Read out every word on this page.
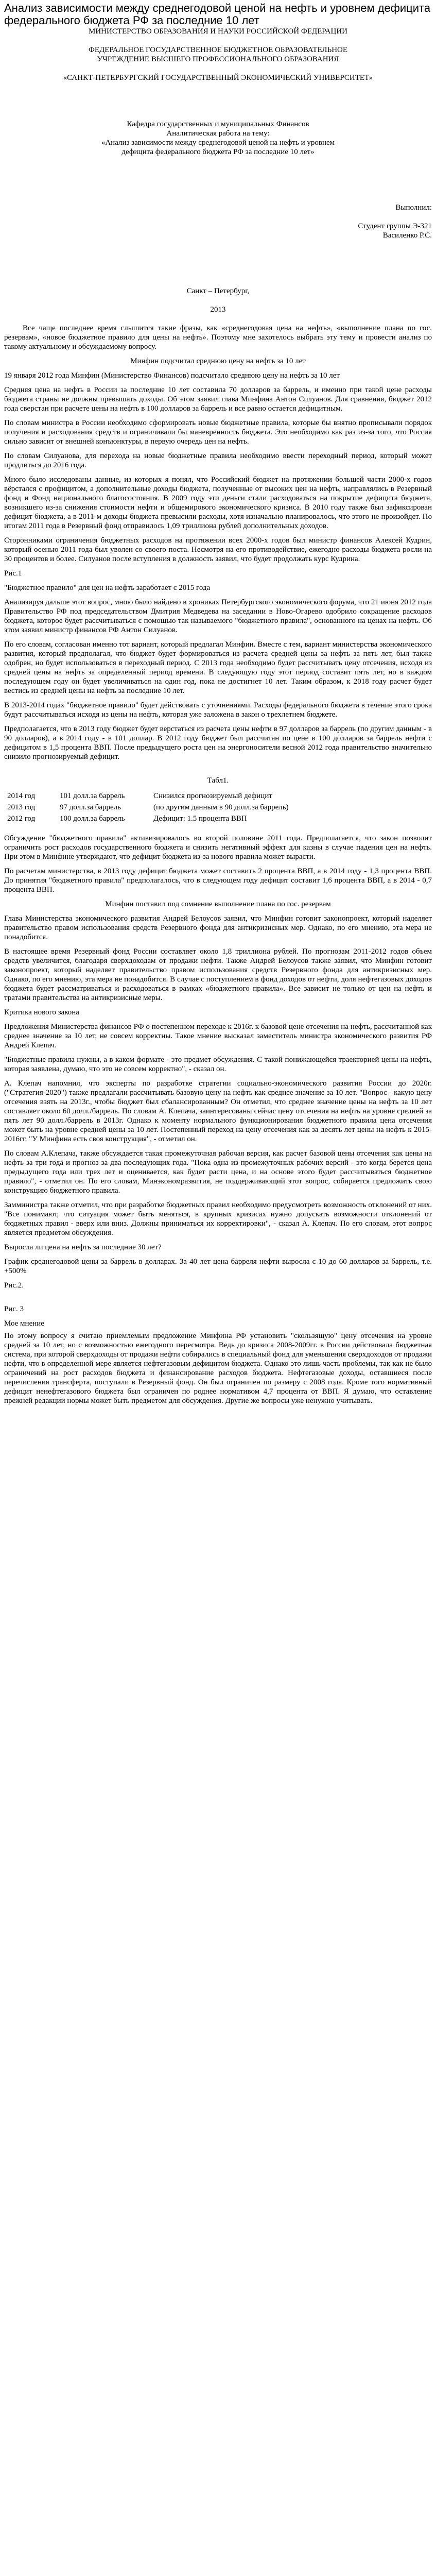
Анализ зависимости между среднегодовой ценой на нефть и уровнем дефицита федерального бюджета РФ за последние 10 лет

МИНИСТЕРСТВО ОБРАЗОВАНИЯ И НАУКИ РОССИЙСКОЙ ФЕДЕРАЦИИ

ФЕДЕРАЛЬНОЕ ГОСУДАРСТВЕННОЕ БЮДЖЕТНОЕ ОБРАЗОВАТЕЛЬНОЕ

УЧРЕЖДЕНИЕ ВЫСШЕГО ПРОФЕССИОНАЛЬНОГО ОБРАЗОВАНИЯ

«САНКТ-ПЕТЕРБУРГСКИЙ ГОСУДАРСТВЕННЫЙ ЭКОНОМИЧЕСКИЙ УНИВЕРСИТЕТ»

Кафедра государственных и муниципальных Финансов

Аналитическая работа на тему:

«Анализ зависимости между среднегодовой ценой на нефть и уровнем

дефицита федерального бюджета РФ за последние 10 лет»

Выполнил:

Студент группы Э-321

Василенко Р.С.

Санкт – Петербург,

2013

Все чаще последнее время слышится такие фразы, как «среднегодовая цена на нефть», «выполнение плана по гос. резервам», «новое бюджетное правило для цены на нефть». Поэтому мне захотелось выбрать эту тему и провести анализ по такому актуальному и обсуждаемому вопросу.

Минфин подсчитал среднюю цену на нефть за 10 лет

19 января 2012 года Минфин (Министерство Финансов) подсчитало среднюю цену на нефть за 10 лет

Средняя цена на нефть в России за последние 10 лет составила 70 долларов за баррель, и именно при такой цене расходы бюджета страны не должны превышать доходы. Об этом заявил глава Минфина Антон Силуанов. Для сравнения, бюджет 2012 года сверстан при расчете цены на нефть в 100 долларов за баррель и все равно остается дефицитным.

По словам министра в России необходимо сформировать новые бюджетные правила, которые бы внятно прописывали порядок получения и расходования средств и ограничивали бы маневренность бюджета. Это необходимо как раз из-за того, что Россия сильно зависит от внешней конъюнктуры, в первую очередь цен на нефть.

По словам Силуанова, для перехода на новые бюджетные правила необходимо ввести переходный период, который может продлиться до 2016 года.

Много было исследованы данные, из которых я понял, что Российский бюджет на протяжении большей части 2000-х годов вёрстался с профицитом, а дополнительные доходы бюджета, полученные от высоких цен на нефть, направлялись в Резервный фонд и Фонд национального благосостояния. В 2009 году эти деньги стали расходоваться на покрытие дефицита бюджета, возникшего из-за снижения стоимости нефти и общемирового экономического кризиса. В 2010 году также был зафиксирован дефицит бюджета, а в 2011-м доходы бюджета превысили расходы, хотя изначально планировалось, что этого не произойдет. По итогам 2011 года в Резервный фонд отправилось 1,09 триллиона рублей дополнительных доходов.

Сторонниками ограничения бюджетных расходов на протяжении всех 2000-х годов был министр финансов Алексей Кудрин, который осенью 2011 года был уволен со своего поста. Несмотря на его противодействие, ежегодно расходы бюджета росли на 30 процентов и более. Силуанов после вступления в должность заявил, что будет продолжать курс Кудрина.

Рис.1

"Бюджетное правило" для цен на нефть заработает с 2015 года

Анализируя дальше этот вопрос, мною было найдено в хрониках Петербургского экономического форума, что 21 июня 2012 года Правительство РФ под председательством Дмитрия Медведева на заседании в Ново-Огарево одобрило сокращение расходов бюджета, которое будет рассчитываться с помощью так называемого "бюджетного правила", основанного на ценах на нефть. Об этом заявил министр финансов РФ Антон Силуанов.

По его словам, согласован именно тот вариант, который предлагал Минфин. Вместе с тем, вариант министерства экономического развития, который предполагал, что бюджет будет формироваться из расчета средней цены за нефть за пять лет, был также одобрен, но будет использоваться в переходный период. С 2013 года необходимо будет рассчитывать цену отсечения, исходя из средней цены на нефть за определенный период времени. В следующую году этот период составит пять лет, но в каждом последующем году он будет увеличиваться на один год, пока не достигнет 10 лет. Таким образом, к 2018 году расчет будет вестись из средней цены на нефть за последние 10 лет.

В 2013-2014 годах "бюджетное правило" будет действовать с уточнениями. Расходы федерального бюджета в течение этого срока будут рассчитываться исходя из цены на нефть, которая уже заложена в закон о трехлетнем бюджете.

Предполагается, что в 2013 году бюджет будет верстаться из расчета цены нефти в 97 долларов за баррель (по другим данным - в 90 долларов), а в 2014 году - в 101 доллар. В 2012 году бюджет был рассчитан по цене в 100 долларов за баррель нефти с дефицитом в 1,5 процента ВВП. После предыдущего роста цен на энергоносители весной 2012 года правительство значительно снизило прогнозируемый дефицит.

Табл1.

2014 год	101 долл.за баррель	Снизился прогнозируемый дефицит
2013 год	97 долл.за баррель	(по другим данным в 90 долл.за баррель)
2012 год	100 долл.за баррель	Дефицит: 1.5 процента ВВП

Обсуждение "бюджетного правила" активизировалось во второй половине 2011 года. Предполагается, что закон позволит ограничить рост расходов государственного бюджета и снизить негативный эффект для казны в случае падения цен на нефть. При этом в Минфине утверждают, что дефицит бюджета из-за нового правила может вырасти.

По расчетам министерства, в 2013 году дефицит бюджета может составить 2 процента ВВП, а в 2014 году - 1,3 процента ВВП. До принятия "бюджетного правила" предполагалось, что в следующем году дефицит составит 1,6 процента ВВП, а в 2014 - 0,7 процента ВВП.

Минфин поставил под сомнение выполнение плана по гос. резервам

Глава Министерства экономического развития Андрей Белоусов заявил, что Минфин готовит законопроект, который наделяет правительство правом использования средств Резервного фонда для антикризисных мер. Однако, по его мнению, эта мера не понадобится.

В настоящее время Резервный фонд России составляет около 1,8 триллиона рублей. По прогнозам 2011-2012 годов объем средств увеличится, благодаря сверхдоходам от продажи нефти. Также Андрей Белоусов также заявил, что Минфин готовит законопроект, который наделяет правительство правом использования средств Резервного фонда для антикризисных мер. Однако, по его мнению, эта мера не понадобится. В случае с поступлением в фонд доходов от нефти, доля нефтегазовых доходов бюджета будет рассматриваться и расходоваться в рамках «бюджетного правила». Все зависит не только от цен на нефть и тратами правительства на антикризисные меры.

Критика нового закона

Предложения Министерства финансов РФ о постепенном переходе к 2016г. к базовой цене отсечения на нефть, рассчитанной как среднее значение за 10 лет, не совсем корректны. Такое мнение высказал заместитель министра экономического развития РФ Андрей Клепач.

"Бюджетные правила нужны, а в каком формате - это предмет обсуждения. С такой понижающейся траекторией цены на нефть, которая заявлена, думаю, что это не совсем корректно", - сказал он.

А. Клепач напомнил, что эксперты по разработке стратегии социально-экономического развития России до 2020г. ("Стратегия-2020") также предлагали рассчитывать базовую цену на нефть как среднее значение за 10 лет. "Вопрос - какую цену отсечения взять на 2013г., чтобы бюджет был сбалансированным? Он отметил, что среднее значение цены на нефть за 10 лет составляет около 60 долл./баррель. По словам А. Клепача, заинтересованы сейчас цену отсечения на нефть на уровне средней за пять лет 90 долл./баррель в 2013г. Однако к моменту нормального функционирования бюджетного правила цена отсечения может быть на уровне средней цены за 10 лет. Постепенный переход на цену отсечения как за десять лет цены на нефть к 2015-2016гг. "У Минфина есть своя конструкция", - отметил он.

По словам А.Клепача, также обсуждается такая промежуточная рабочая версия, как расчет базовой цены отсечения как цены на нефть за три года и прогноз за два последующих года. "Пока одна из промежуточных рабочих версий - это когда берется цена предыдущего года или трех лет и оценивается, как будет расти цена, и на основе этого будет рассчитываться бюджетное правило", - отметил он. По его словам, Минэкономразвития, не поддерживающий этот вопрос, собирается предложить свою конструкцию бюджетного правила.

Замминистра также отметил, что при разработке бюджетных правил необходимо предусмотреть возможность отклонений от них. "Все понимают, что ситуация может быть меняться, в крупных кризисах нужно допускать возможности отклонений от бюджетных правил - вверх или вниз. Должны приниматься их корректировки", - сказал А. Клепач. По его словам, этот вопрос является предметом обсуждения.

Выросла ли цена на нефть за последние 30 лет?

График среднегодовой цены за баррель в долларах. За 40 лет цена барреля нефти выросла с 10 до 60 долларов за баррель, т.е. +500%

Рис.2.

Рис. 3

Мое мнение

По этому вопросу я считаю приемлемым предложение Минфина РФ установить "скользящую" цену отсечения на уровне средней за 10 лет, но с возможностью ежегодного пересмотра. Ведь до кризиса 2008-2009гг. в России действовала бюджетная система, при которой сверхдоходы от продажи нефти собирались в специальный фонд для уменьшения сверхдоходов от продажи нефти, что в определенной мере является нефтегазовым дефицитом бюджета. Однако это лишь часть проблемы, так как не было ограничений на рост расходов бюджета и финансирование расходов бюджета. Нефтегазовые доходы, оставшиеся после перечисления трансферта, поступали в Резервный фонд. Он был ограничен по размеру с 2008 года. Кроме того нормативный дефицит ненефтегазового бюджета был ограничен по роднее нормативом 4,7 процента от ВВП. Я думаю, что оставление прежней редакции нормы может быть предметом для обсуждения. Другие же вопросы уже ненужно учитывать.
